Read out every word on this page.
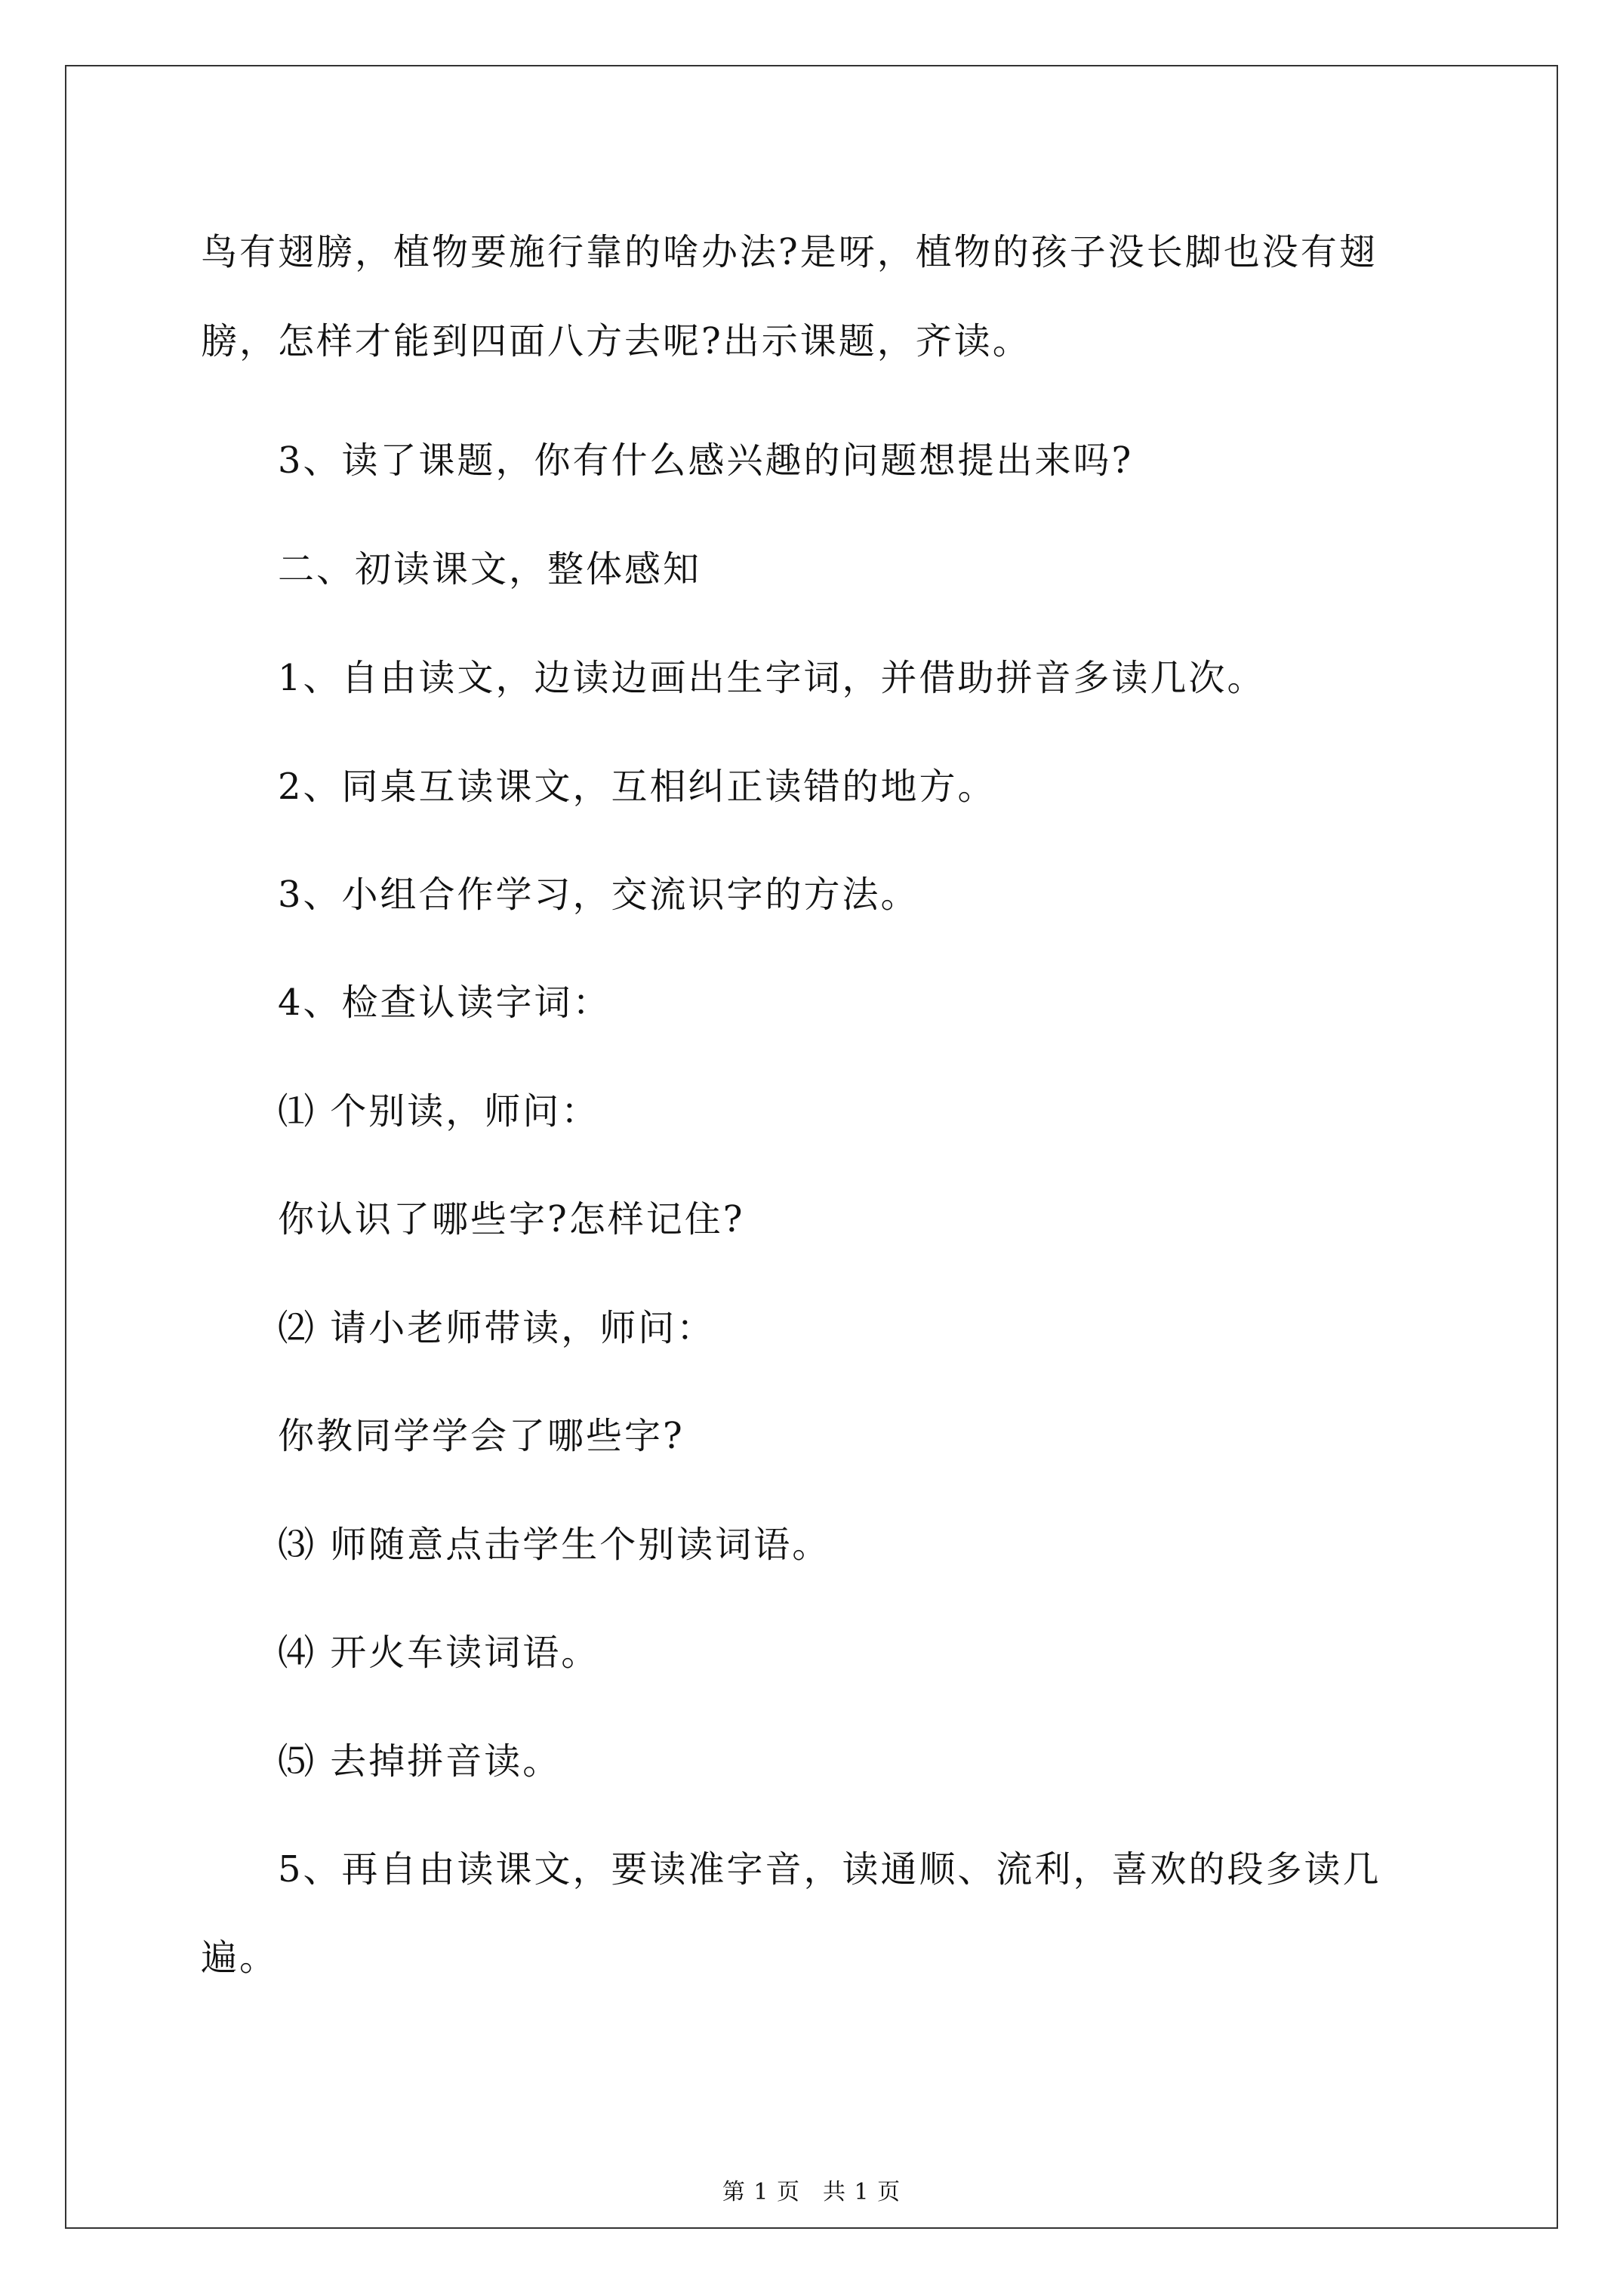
鸟有翅膀，植物要施行靠的啥办法?是呀，植物的孩子没长脚也没有翅
膀，怎样才能到四面八方去呢?出示课题，齐读。
3、读了课题，你有什么感兴趣的问题想提出来吗?
二、初读课文，整体感知
1、自由读文，边读边画出生字词，并借助拼音多读几次。
2、同桌互读课文，互相纠正读错的地方。
3、小组合作学习，交流识字的方法。
4、检查认读字词：
⑴ 个别读，师问：
你认识了哪些字?怎样记住?
⑵ 请小老师带读，师问：
你教同学学会了哪些字?
⑶ 师随意点击学生个别读词语。
⑷ 开火车读词语。
⑸ 去掉拼音读。
5、再自由读课文，要读准字音，读通顺、流利，喜欢的段多读几
遍。
第 1 页 共 1 页
